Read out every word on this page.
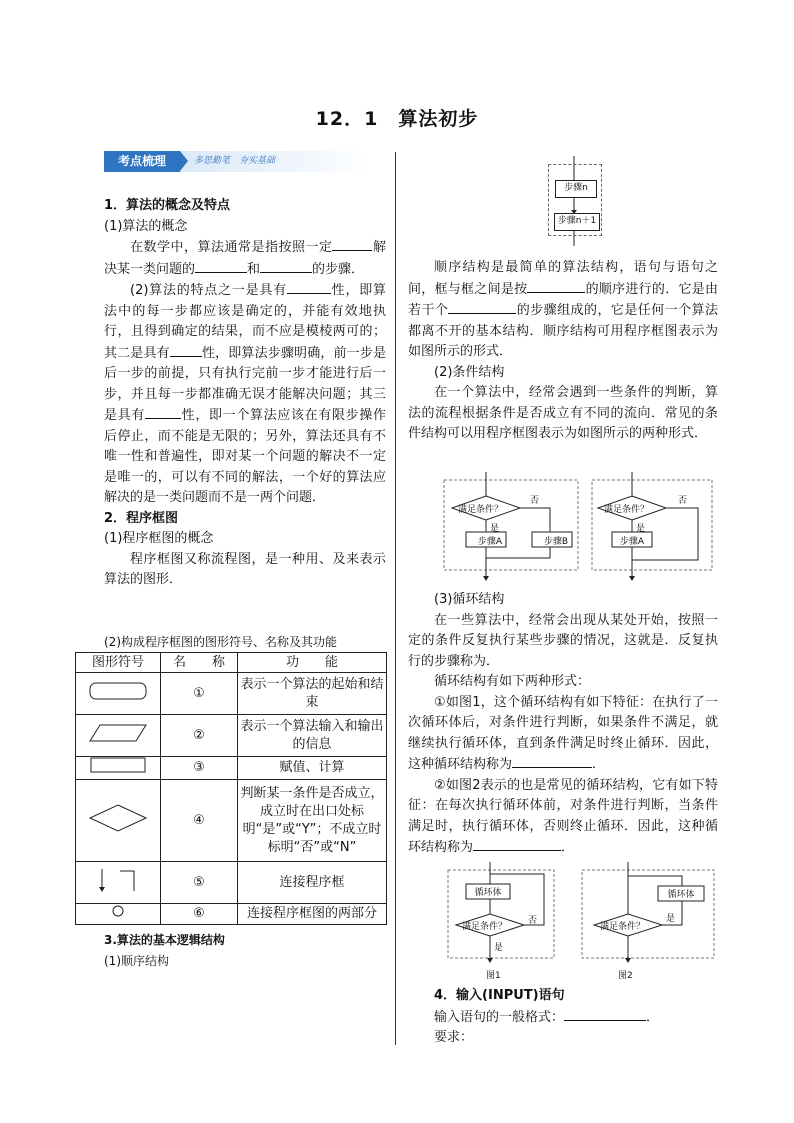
12．1　算法初步
考点梳理	多思勤笔　夯实基础

1．算法的概念及特点

(1)算法的概念

在数学中，算法通常是指按照一定	解决某一类问题的	和	的步骤．

(2)算法的特点之一是具有	性，即算法中的每一步都应该是确定的，并能有效地执行，且得到确定的结果，而不应是模棱两可的；其二是具有 性，即算法步骤明确，前一步是后一步的前提，只有执行完前一步才能进行后一步，并且每一步都准确无误才能解决问题；其三是具有	性，即一个算法应该在有限步操作后停止，而不能是无限的；另外，算法还具有不唯一性和普遍性，即对某一个问题的解决不一定是唯一的，可以有不同的解法，一个好的算法应解决的是一类问题而不是一两个问题．

2．程序框图

(1)程序框图的概念

程序框图又称流程图，是一种用、及来表示算法的图形．

(2)构成程序框图的图形符号、名称及其功能
图形符号	名　　称	功　　能
	①	表示一个算法的起始和结束
	②	表示一个算法输入和输出的信息
	③	赋值、计算
	④	判断某一条件是否成立，成立时在出口处标明“是”或“Y”；不成立时标明“否”或“N”
	⑤	连接程序框
	⑥	连接程序框图的两部分

3.算法的基本逻辑结构

(1)顺序结构

步骤n
步骤n＋1

顺序结构是最简单的算法结构，语句与语句之间，框与框之间是按	的顺序进行的．它是由若干个	的步骤组成的，它是任何一个算法都离不开的基本结构．顺序结构可用程序框图表示为如图所示的形式．

(2)条件结构

在一个算法中，经常会遇到一些条件的判断，算法的流程根据条件是否成立有不同的流向．常见的条件结构可以用程序框图表示为如图所示的两种形式．

满足条件？
否
是
步骤A	步骤B
满足条件？
否
是
步骤A

(3)循环结构

在一些算法中，经常会出现从某处开始，按照一定的条件反复执行某些步骤的情况，这就是．反复执行的步骤称为．

循环结构有如下两种形式：

①如图1，这个循环结构有如下特征：在执行了一次循环体后，对条件进行判断，如果条件不满足，就继续执行循环体，直到条件满足时终止循环．因此，这种循环结构称为	．

②如图2表示的也是常见的循环结构，它有如下特征：在每次执行循环体前，对条件进行判断，当条件满足时，执行循环体，否则终止循环．因此，这种循环结构称为	．

循环体
满足条件？
否
是
图1
循环体
满足条件？
是
图2

4．输入(INPUT)语句

输入语句的一般格式：	．

要求：
